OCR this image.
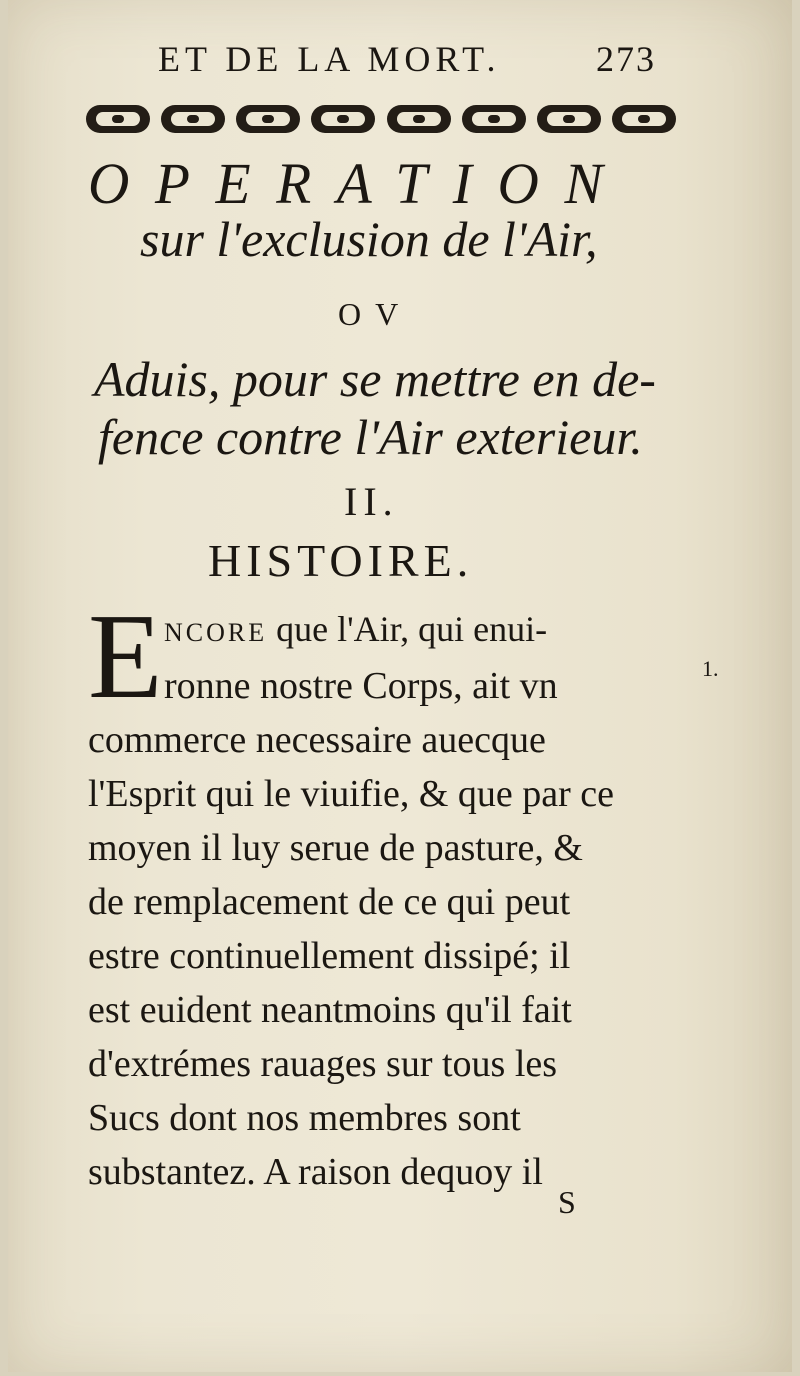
ET DE LA MORT.	273
OPERATION
sur l'exclusion de l'Air,
OV
Aduis, pour se mettre en de-
fence contre l'Air exterieur.
II.
HISTOIRE.
E NCORE que l'Air, qui enui-
ronne nostre Corps, ait vn
commerce necessaire auecque
l'Esprit qui le viuifie, & que par ce
moyen il luy serue de pasture, &
de remplacement de ce qui peut
estre continuellement dissipé; il
est euident neantmoins qu'il fait
d'extrémes rauages sur tous les
Sucs dont nos membres sont
substantez. A raison dequoy il
1.
S
